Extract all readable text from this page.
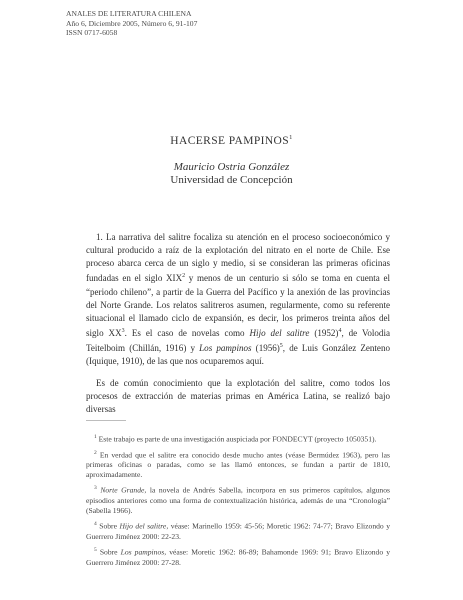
ANALES DE LITERATURA CHILENA
Año 6, Diciembre 2005, Número 6, 91-107
ISSN 0717-6058
HACERSE PAMPINOS$^1$
Mauricio Ostria González
Universidad de Concepción

1. La narrativa del salitre focaliza su atención en el proceso socioeconómico y cultural producido a raíz de la explotación del nitrato en el norte de Chile. Ese proceso abarca cerca de un siglo y medio, si se consideran las primeras oficinas fundadas en el siglo XIX$^2$ y menos de un centurio si sólo se toma en cuenta el “periodo chileno”, a partir de la Guerra del Pacífico y la anexión de las provincias del Norte Grande. Los relatos salitreros asumen, regularmente, como su referente situacional el llamado ciclo de expansión, es decir, los primeros treinta años del siglo $XX^3$. Es el caso de novelas como Hijo del salitre $(1952)^4$, de Volodia Teitelboim (Chillán, 1916) y Los pampinos $(1956)^5$, de Luis González Zenteno (Iquique, 1910), de las que nos ocuparemos aquí.

Es de común conocimiento que la explotación del salitre, como todos los procesos de extracción de materias primas en América Latina, se realizó bajo diversas

$^1$ Este trabajo es parte de una investigación auspiciada por FONDECYT (proyecto 1050351).

$^2$ En verdad que el salitre era conocido desde mucho antes (véase Bermúdez 1963), pero las primeras oficinas o paradas, como se las llamó entonces, se fundan a partir de 1810, aproximadamente.

$^3$ Norte Grande, la novela de Andrés Sabella, incorpora en sus primeros capítulos, algunos episodios anteriores como una forma de contextualización histórica, además de una “Cronología” (Sabella 1966).

$^4$ Sobre Hijo del salitre, véase: Marinello 1959: 45-56; Moretic 1962: 74-77; Bravo Elizondo y Guerrero Jiménez 2000: 22-23.

$^5$ Sobre Los pampinos, véase: Moretic 1962: 86-89; Bahamonde 1969: 91; Bravo Elizondo y Guerrero Jiménez 2000: 27-28.
